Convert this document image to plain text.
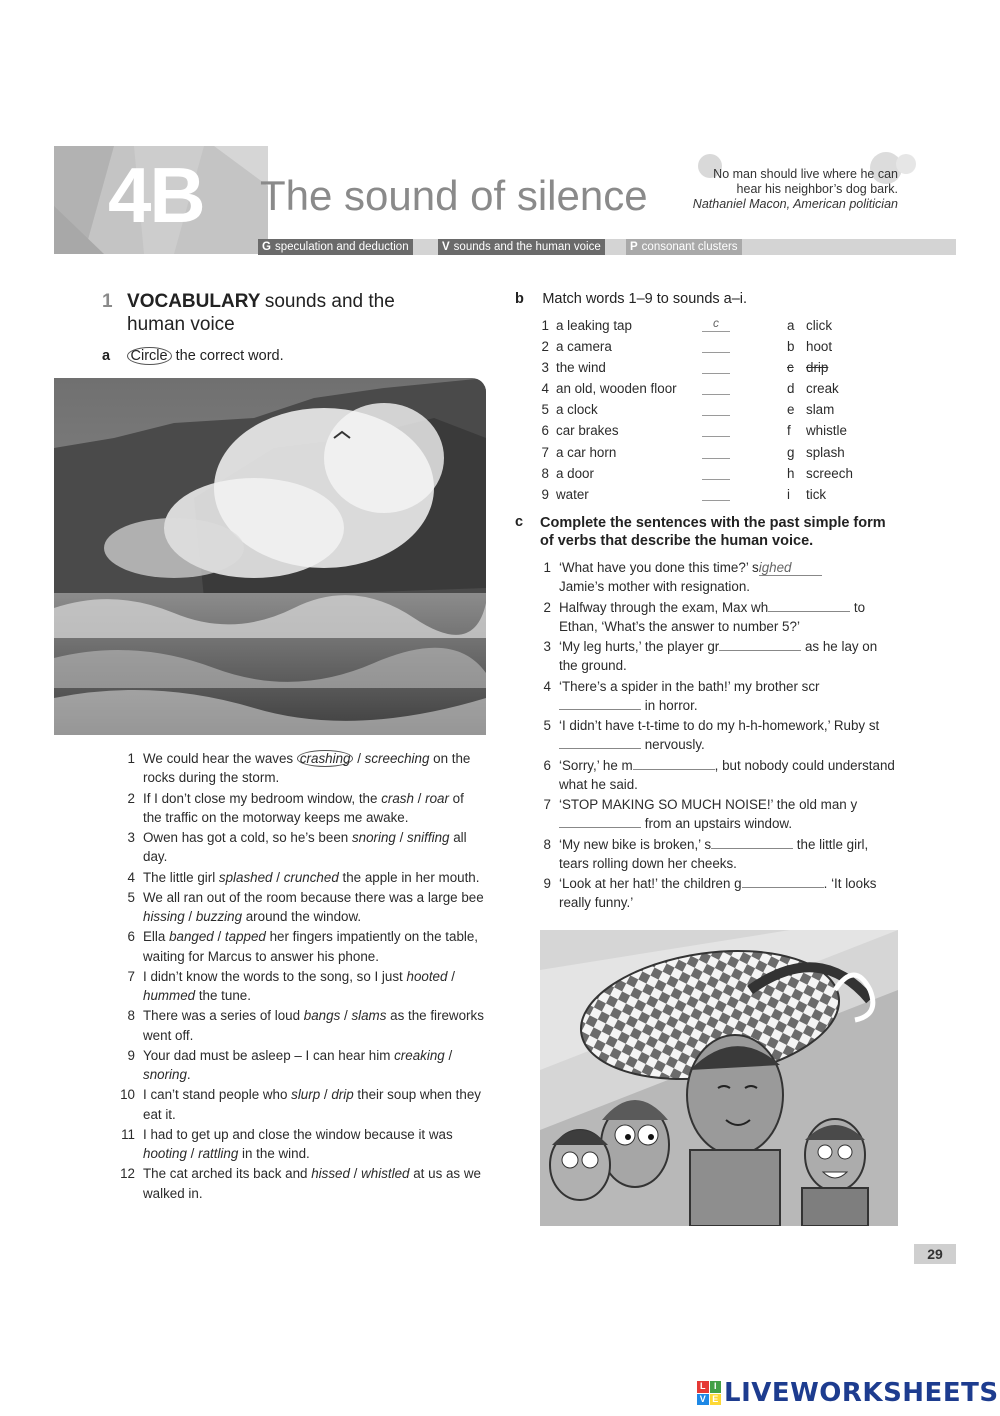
4B The sound of silence	No man should live where he can
hear his neighbor’s dog bark.
Nathaniel Macon, American politician
G speculation and deduction	V sounds and the human voice	P consonant clusters
1 VOCABULARY sounds and the
human voice
a Circle the correct word.
1 We could hear the waves crashing / screeching on the rocks during the storm.
2 If I don’t close my bedroom window, the crash / roar of the traffic on the motorway keeps me awake.
3 Owen has got a cold, so he’s been snoring / sniffing all day.
4 The little girl splashed / crunched the apple in her mouth.
5 We all ran out of the room because there was a large bee hissing / buzzing around the window.
6 Ella banged / tapped her fingers impatiently on the table, waiting for Marcus to answer his phone.
7 I didn’t know the words to the song, so I just hooted / hummed the tune.
8 There was a series of loud bangs / slams as the fireworks went off.
9 Your dad must be asleep – I can hear him creaking / snoring.
10 I can’t stand people who slurp / drip their soup when they eat it.
11 I had to get up and close the window because it was hooting / rattling in the wind.
12 The cat arched its back and hissed / whistled at us as we walked in.
b Match words 1–9 to sounds a–i.
1 a leaking tap	c	a click
2 a camera	b hoot
3 the wind	c drip
4 an old, wooden floor	d creak
5 a clock	e slam
6 car brakes	f whistle
7 a car horn	g splash
8 a door	h screech
9 water	i tick
c Complete the sentences with the past simple form
of verbs that describe the human voice.
1 ‘What have you done this time?’ sighed
Jamie’s mother with resignation.
2 Halfway through the exam, Max wh	to Ethan, ‘What’s the answer to number 5?’
3 ‘My leg hurts,’ the player gr	as he lay on the ground.
4 ‘There’s a spider in the bath!’ my brother scr in horror.
5 ‘I didn’t have t-t-time to do my h-h-homework,’ Ruby st nervously.
6 ‘Sorry,’ he m	, but nobody could understand what he said.
7 ‘STOP MAKING SO MUCH NOISE!’ the old man y from an upstairs window.
8 ‘My new bike is broken,’ s	the little girl, tears rolling down her cheeks.
9 ‘Look at her hat!’ the children g	. ‘It looks really funny.’
29
L I
V E LIVEWORKSHEETS
